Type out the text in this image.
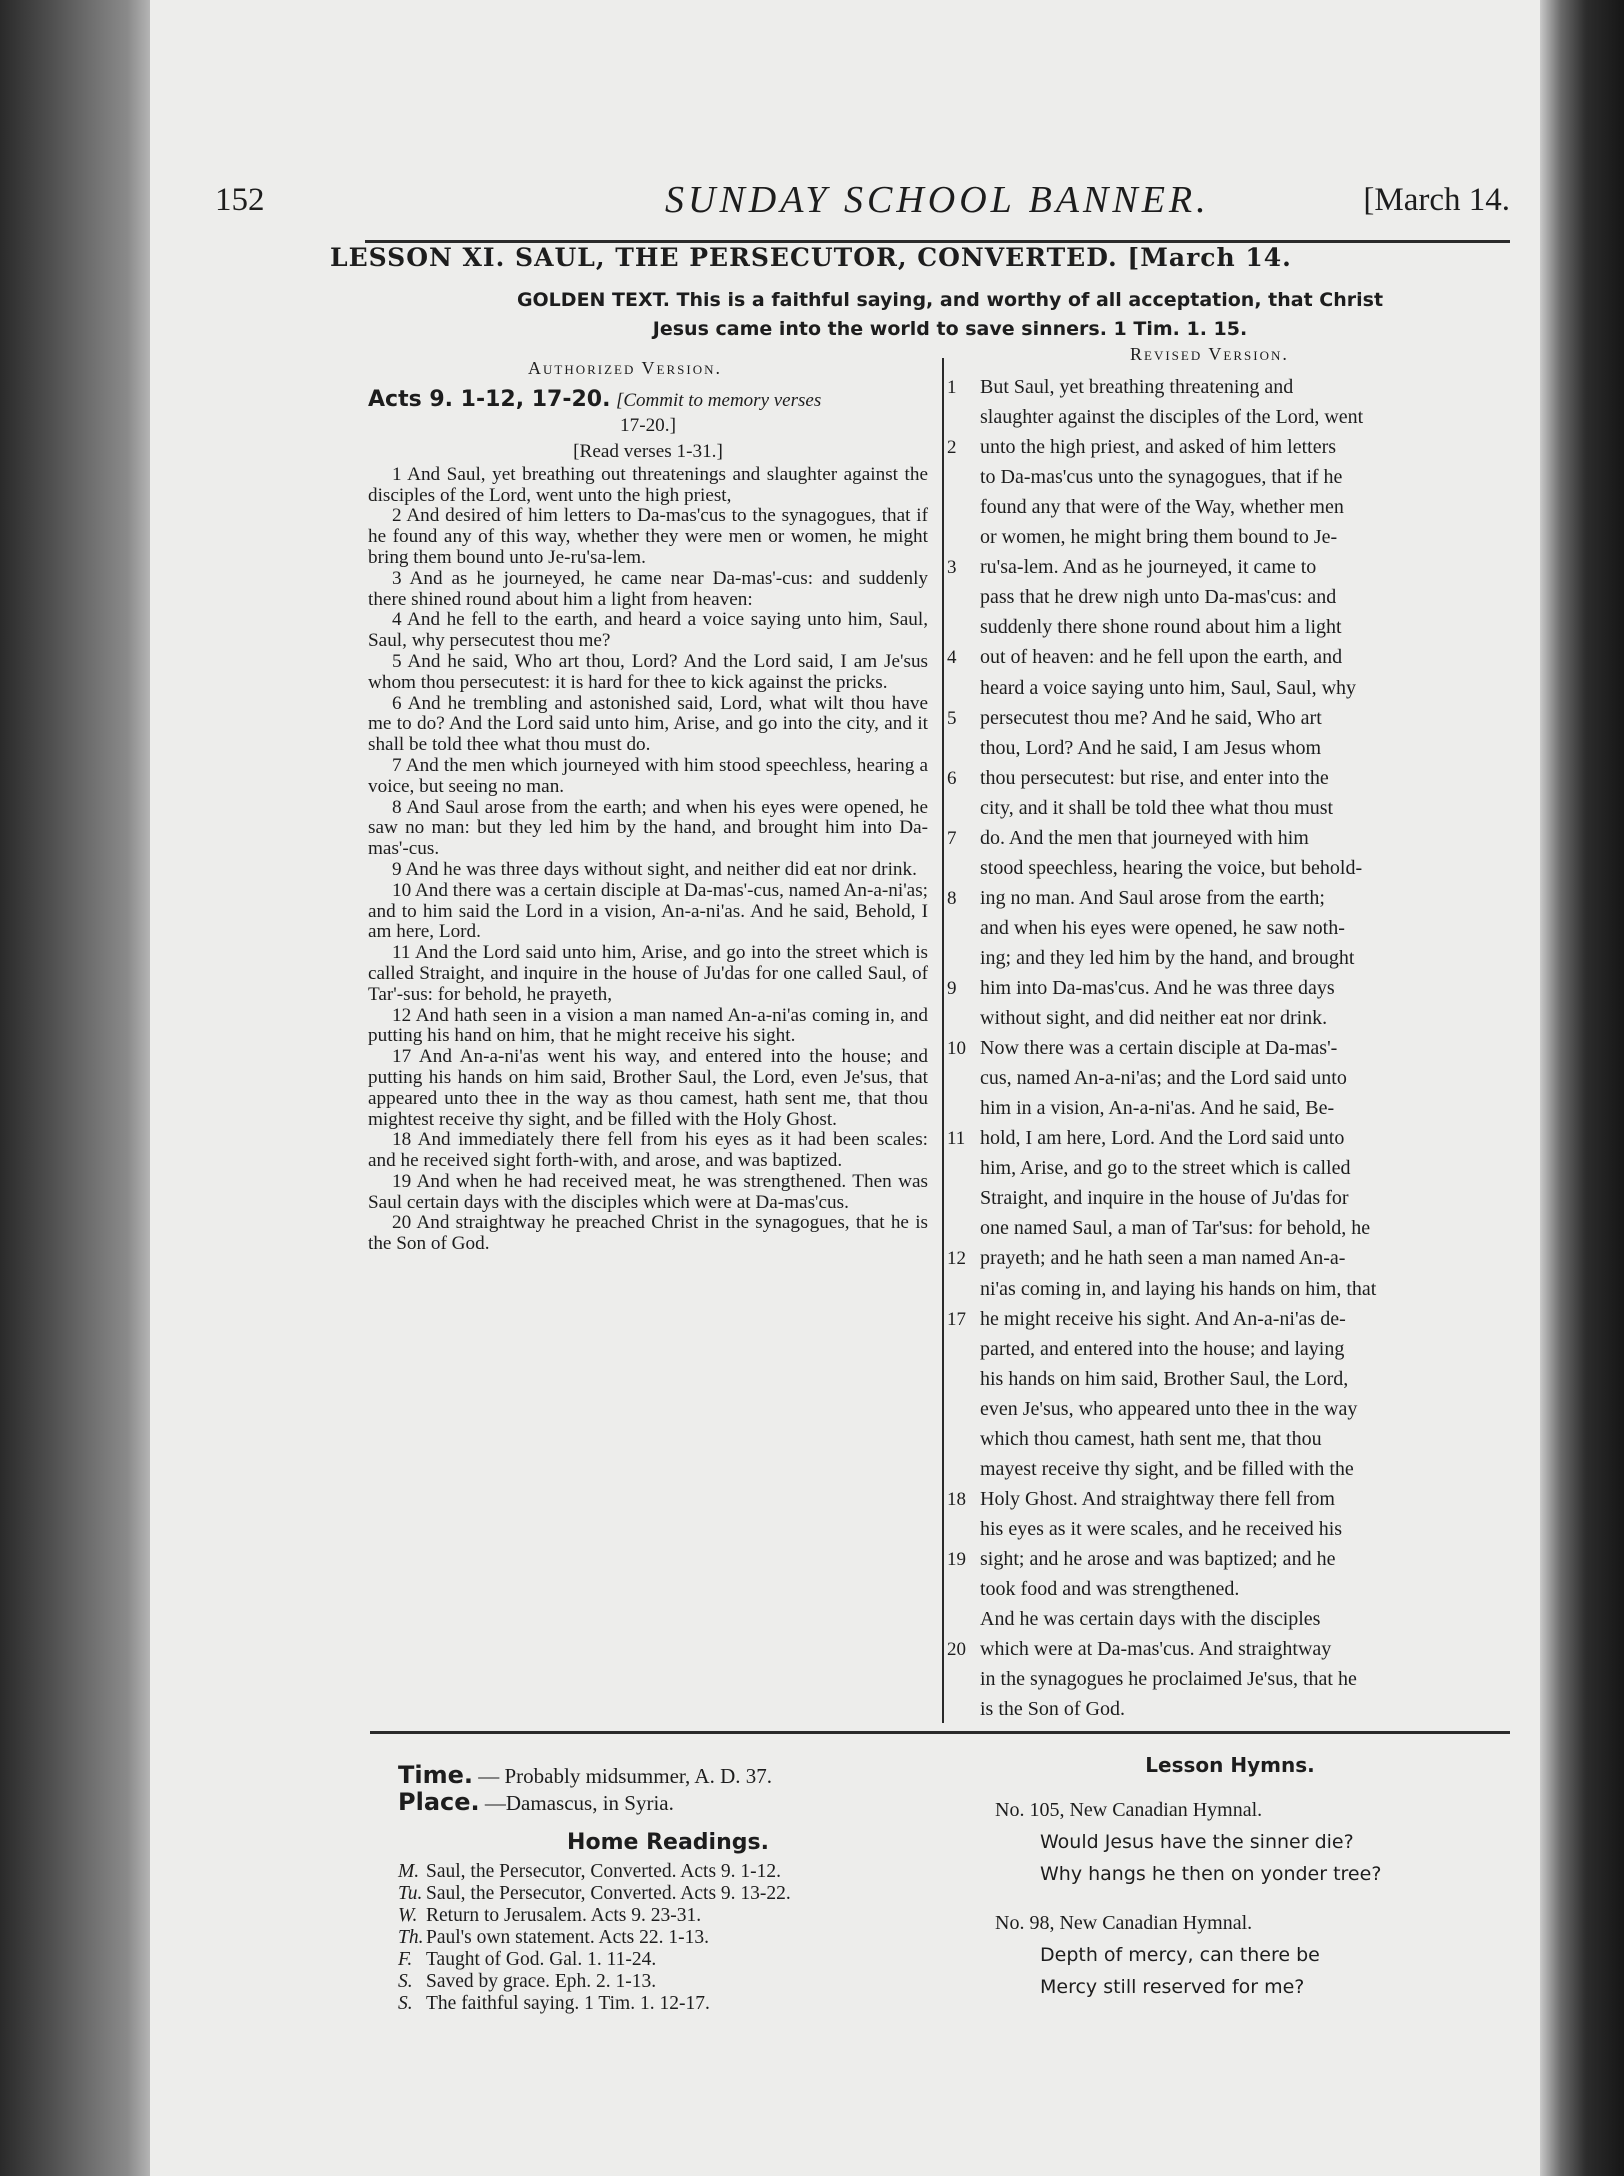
152	SUNDAY SCHOOL BANNER.	[March 14.
LESSON XI. SAUL, THE PERSECUTOR, CONVERTED. [March 14.
GOLDEN TEXT. This is a faithful saying, and worthy of all acceptation, that Christ
Jesus came into the world to save sinners. 1 Tim. 1. 15.
Authorized Version.
Revised Version.

Acts 9. 1-12, 17-20. [Commit to memory verses

17-20.]

[Read verses 1-31.]

1 And Saul, yet breathing out threatenings and slaughter against the disciples of the Lord, went unto the high priest,

2 And desired of him letters to Da-mas'cus to the synagogues, that if he found any of this way, whether they were men or women, he might bring them bound unto Je-ru'sa-lem.

3 And as he journeyed, he came near Da-mas'-cus: and suddenly there shined round about him a light from heaven:

4 And he fell to the earth, and heard a voice saying unto him, Saul, Saul, why persecutest thou me?

5 And he said, Who art thou, Lord? And the Lord said, I am Je'sus whom thou persecutest: it is hard for thee to kick against the pricks.

6 And he trembling and astonished said, Lord, what wilt thou have me to do? And the Lord said unto him, Arise, and go into the city, and it shall be told thee what thou must do.

7 And the men which journeyed with him stood speechless, hearing a voice, but seeing no man.

8 And Saul arose from the earth; and when his eyes were opened, he saw no man: but they led him by the hand, and brought him into Da-mas'-cus.

9 And he was three days without sight, and neither did eat nor drink.

10 And there was a certain disciple at Da-mas'-cus, named An-a-ni'as; and to him said the Lord in a vision, An-a-ni'as. And he said, Behold, I am here, Lord.

11 And the Lord said unto him, Arise, and go into the street which is called Straight, and inquire in the house of Ju'das for one called Saul, of Tar'-sus: for behold, he prayeth,

12 And hath seen in a vision a man named An-a-ni'as coming in, and putting his hand on him, that he might receive his sight.

17 And An-a-ni'as went his way, and entered into the house; and putting his hands on him said, Brother Saul, the Lord, even Je'sus, that appeared unto thee in the way as thou camest, hath sent me, that thou mightest receive thy sight, and be filled with the Holy Ghost.

18 And immediately there fell from his eyes as it had been scales: and he received sight forth-with, and arose, and was baptized.

19 And when he had received meat, he was strengthened. Then was Saul certain days with the disciples which were at Da-mas'cus.

20 And straightway he preached Christ in the synagogues, that he is the Son of God.

1	But Saul, yet breathing threatening and
slaughter against the disciples of the Lord, went
2	unto the high priest, and asked of him letters
to Da-mas'cus unto the synagogues, that if he
found any that were of the Way, whether men
or women, he might bring them bound to Je-
3	ru'sa-lem. And as he journeyed, it came to
pass that he drew nigh unto Da-mas'cus: and
suddenly there shone round about him a light
4	out of heaven: and he fell upon the earth, and
heard a voice saying unto him, Saul, Saul, why
5	persecutest thou me? And he said, Who art
thou, Lord? And he said, I am Jesus whom
6	thou persecutest: but rise, and enter into the
city, and it shall be told thee what thou must
7	do. And the men that journeyed with him
stood speechless, hearing the voice, but behold-
8	ing no man. And Saul arose from the earth;
and when his eyes were opened, he saw noth-
ing; and they led him by the hand, and brought
9	him into Da-mas'cus. And he was three days
without sight, and did neither eat nor drink.
10 Now there was a certain disciple at Da-mas'-
cus, named An-a-ni'as; and the Lord said unto
him in a vision, An-a-ni'as. And he said, Be-
11 hold, I am here, Lord. And the Lord said unto
him, Arise, and go to the street which is called
Straight, and inquire in the house of Ju'das for
one named Saul, a man of Tar'sus: for behold, he
12 prayeth; and he hath seen a man named An-a-
ni'as coming in, and laying his hands on him, that
17 he might receive his sight. And An-a-ni'as de-
parted, and entered into the house; and laying
his hands on him said, Brother Saul, the Lord,
even Je'sus, who appeared unto thee in the way
which thou camest, hath sent me, that thou
mayest receive thy sight, and be filled with the
18 Holy Ghost. And straightway there fell from
his eyes as it were scales, and he received his
19 sight; and he arose and was baptized; and he
took food and was strengthened.
And he was certain days with the disciples
20 which were at Da-mas'cus. And straightway
in the synagogues he proclaimed Je'sus, that he
is the Son of God.

Time. — Probably midsummer, A. D. 37.

Place. —Damascus, in Syria.

Home Readings.
M. Saul, the Persecutor, Converted. Acts 9. 1-12.
Tu. Saul, the Persecutor, Converted. Acts 9. 13-22.
W. Return to Jerusalem. Acts 9. 23-31.
Th. Paul's own statement. Acts 22. 1-13.
F. Taught of God. Gal. 1. 11-24.
S. Saved by grace. Eph. 2. 1-13.
S. The faithful saying. 1 Tim. 1. 12-17.
Lesson Hymns.

No. 105, New Canadian Hymnal.

Would Jesus have the sinner die?

Why hangs he then on yonder tree?

No. 98, New Canadian Hymnal.

Depth of mercy, can there be

Mercy still reserved for me?
